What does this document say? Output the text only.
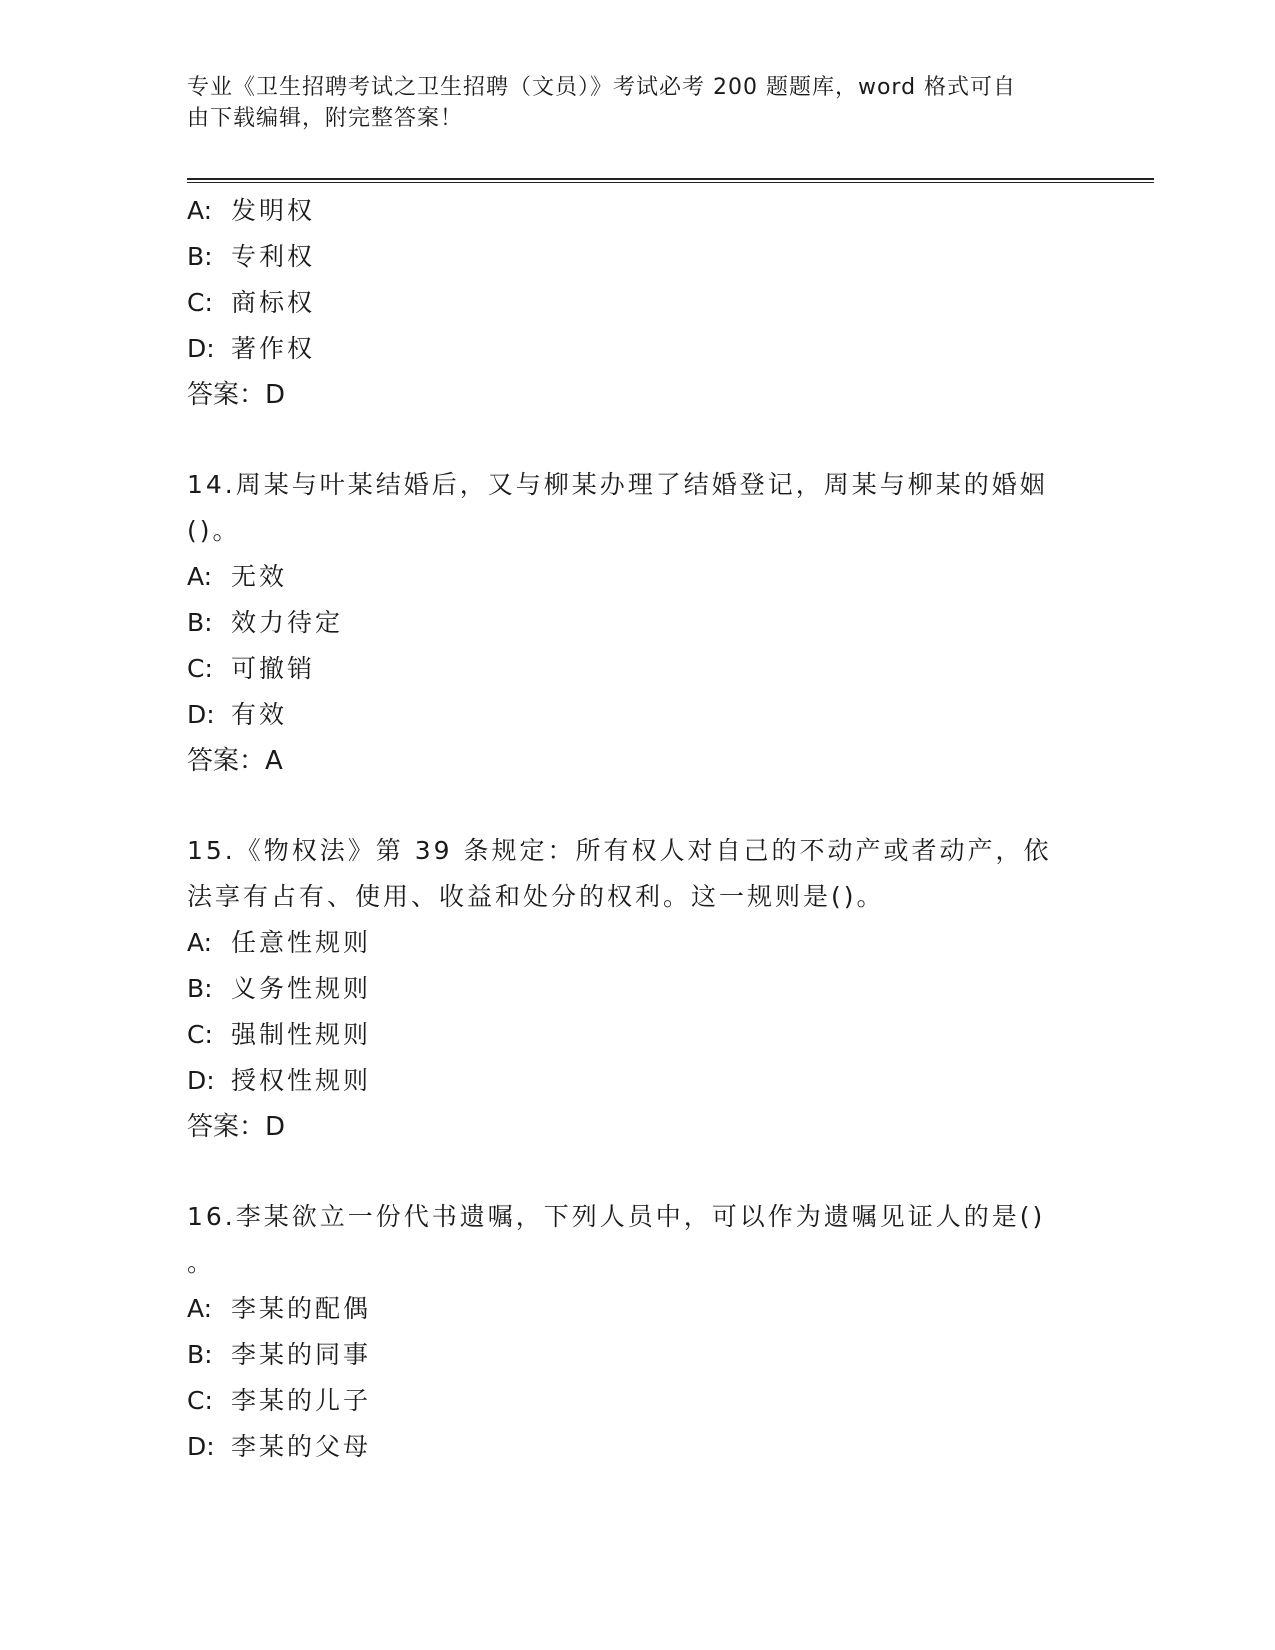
专业《卫生招聘考试之卫生招聘（文员）》考试必考 200 题题库，word 格式可自
由下载编辑，附完整答案！
A: 发明权
B: 专利权
C: 商标权
D: 著作权
答案：D
14.周某与叶某结婚后，又与柳某办理了结婚登记，周某与柳某的婚姻
()。
A: 无效
B: 效力待定
C: 可撤销
D: 有效
答案：A
15.《物权法》第 39 条规定：所有权人对自己的不动产或者动产，依
法享有占有、使用、收益和处分的权利。这一规则是()。
A: 任意性规则
B: 义务性规则
C: 强制性规则
D: 授权性规则
答案：D
16.李某欲立一份代书遗嘱，下列人员中，可以作为遗嘱见证人的是()
。
A: 李某的配偶
B: 李某的同事
C: 李某的儿子
D: 李某的父母
